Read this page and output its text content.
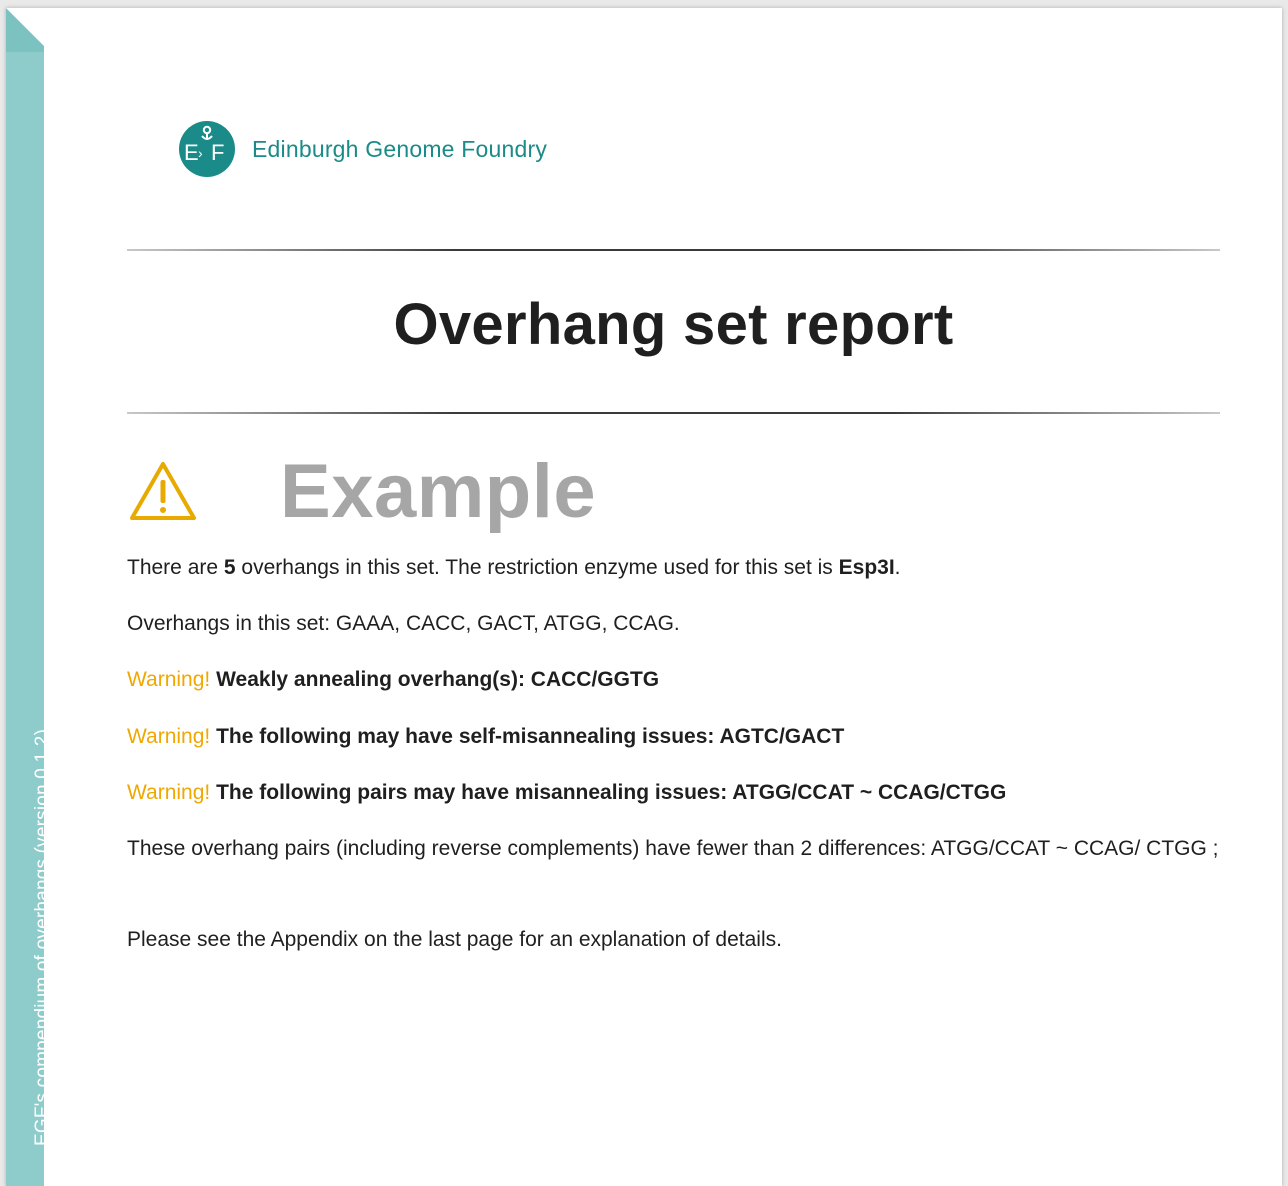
EGF's compendium of overhangs (version 0.1.2)
E › F Edinburgh Genome Foundry
Overhang set report
Example
There are 5 overhangs in this set. The restriction enzyme used for this set is Esp3I.
Overhangs in this set: GAAA, CACC, GACT, ATGG, CCAG.
Warning! Weakly annealing overhang(s): CACC/GGTG
Warning! The following may have self-misannealing issues: AGTC/GACT
Warning! The following pairs may have misannealing issues: ATGG/CCAT ~ CCAG/CTGG
These overhang pairs (including reverse complements) have fewer than 2 differences: ATGG/CCAT ~ CCAG/ CTGG ;
Please see the Appendix on the last page for an explanation of details.
